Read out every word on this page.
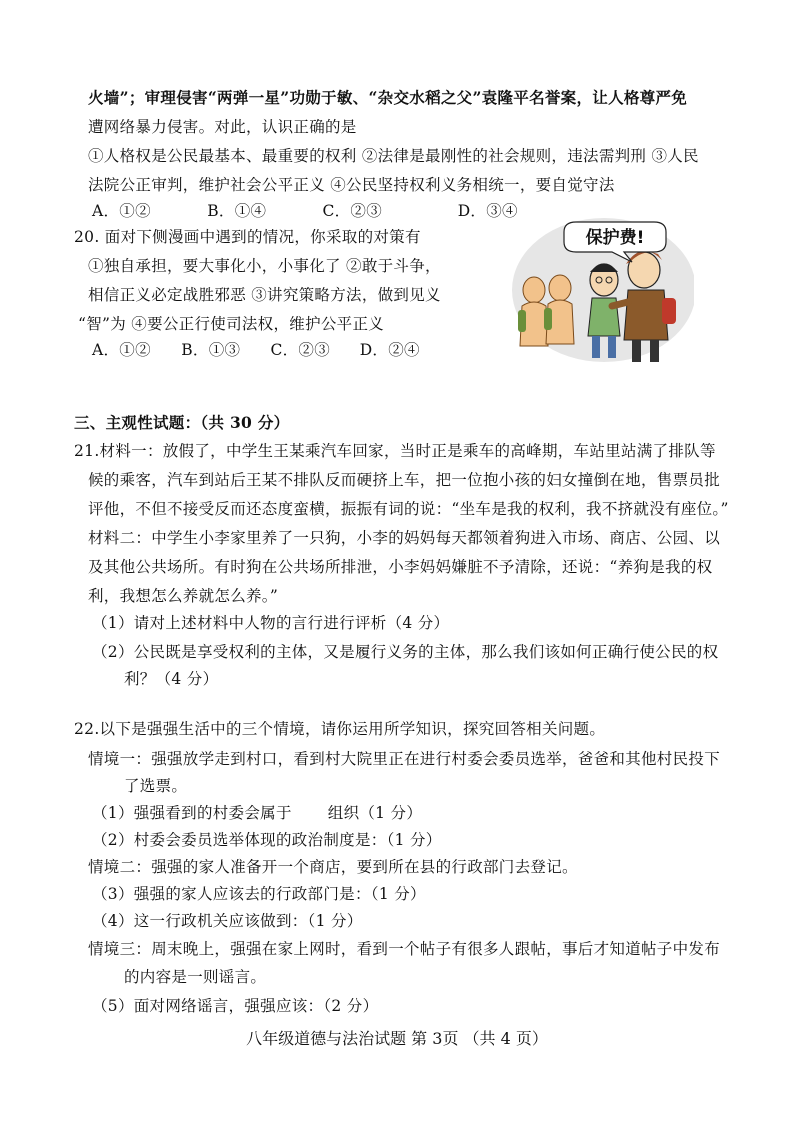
火墙”；审理侵害“两弹一星”功勋于敏、“杂交水稻之父”袁隆平名誉案，让人格尊严免
遭网络暴力侵害。对此，认识正确的是
①人格权是公民最基本、最重要的权利 ②法律是最刚性的社会规则，违法需判刑 ③人民
法院公正审判，维护社会公平正义 ④公民坚持权利义务相统一，要自觉守法
A．①②	B．①④	C．②③	D．③④
20. 面对下侧漫画中遇到的情况，你采取的对策有
①独自承担，要大事化小，小事化了 ②敢于斗争，
相信正义必定战胜邪恶 ③讲究策略方法，做到见义
“智”为 ④要公正行使司法权，维护公平正义
A．①② B．①③ C．②③ D．②④
保护费!
三、主观性试题：（共 30 分）
21.材料一：放假了，中学生王某乘汽车回家，当时正是乘车的高峰期，车站里站满了排队等
候的乘客，汽车到站后王某不排队反而硬挤上车，把一位抱小孩的妇女撞倒在地，售票员批
评他，不但不接受反而还态度蛮横，振振有词的说：“坐车是我的权利，我不挤就没有座位。”
材料二：中学生小李家里养了一只狗，小李的妈妈每天都领着狗进入市场、商店、公园、以
及其他公共场所。有时狗在公共场所排泄，小李妈妈嫌脏不予清除，还说：“养狗是我的权
利，我想怎么养就怎么养。”
（1）请对上述材料中人物的言行进行评析（4 分）
（2）公民既是享受权利的主体，又是履行义务的主体，那么我们该如何正确行使公民的权
利？（4 分）
22.以下是强强生活中的三个情境，请你运用所学知识，探究回答相关问题。
情境一：强强放学走到村口，看到村大院里正在进行村委会委员选举，爸爸和其他村民投下
了选票。
（1）强强看到的村委会属于 组织（1 分）
（2）村委会委员选举体现的政治制度是：（1 分）
情境二：强强的家人准备开一个商店，要到所在县的行政部门去登记。
（3）强强的家人应该去的行政部门是：（1 分）
（4）这一行政机关应该做到：（1 分）
情境三：周末晚上，强强在家上网时，看到一个帖子有很多人跟帖，事后才知道帖子中发布
的内容是一则谣言。
（5）面对网络谣言，强强应该：（2 分）
八年级道德与法治试题 第 3页 （共 4 页）
